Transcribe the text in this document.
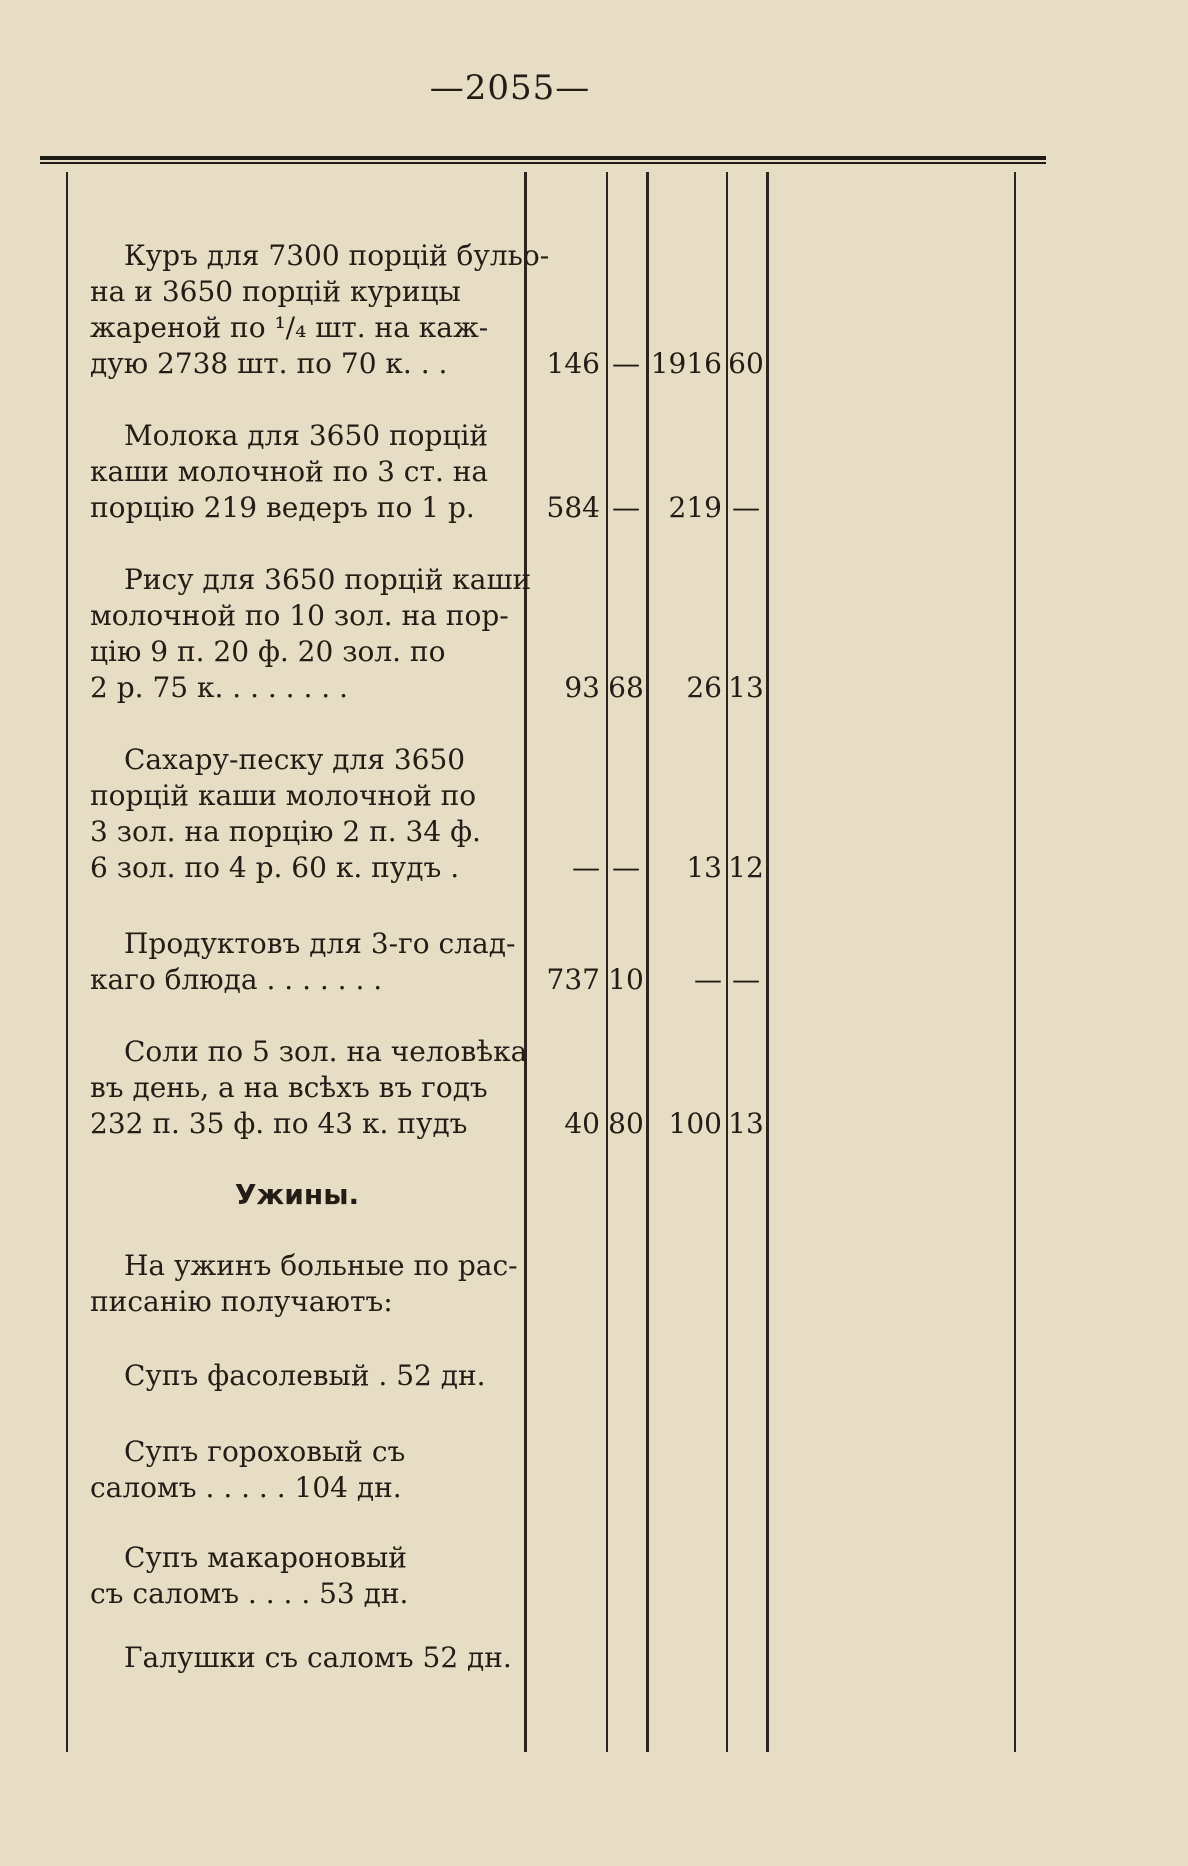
—2055—
Куръ для 7300 порцій бульо-
на и 3650 порцій курицы
жареной по ¹/₄ шт. на каж-
дую 2738 шт. по 70 к. . .	146 — 1916 60
Молока для 3650 порцій
каши молочной по 3 ст. на
порцію 219 ведеръ по 1 р.	584 —	219 —
Рису для 3650 порцій каши
молочной по 10 зол. на пор-
цію 9 п. 20 ф. 20 зол. по
2 р. 75 к. . . . . . . .	93 68	26 13
Сахару-песку для 3650
порцій каши молочной по
3 зол. на порцію 2 п. 34 ф.
6 зол. по 4 р. 60 к. пудъ .	— —	13 12
Продуктовъ для 3-го слад-
каго блюда . . . . . . .	737 10	— —
Соли по 5 зол. на человѣка
въ день, а на всѣхъ въ годъ
232 п. 35 ф. по 43 к. пудъ	40 80 100 13
Ужины.
На ужинъ больные по рас-
писанію получаютъ:
Супъ фасолевый . 52 дн.
Супъ гороховый съ
саломъ . . . . . 104 дн.
Супъ макароновый
съ саломъ . . . . 53 дн.
Галушки съ саломъ 52 дн.
